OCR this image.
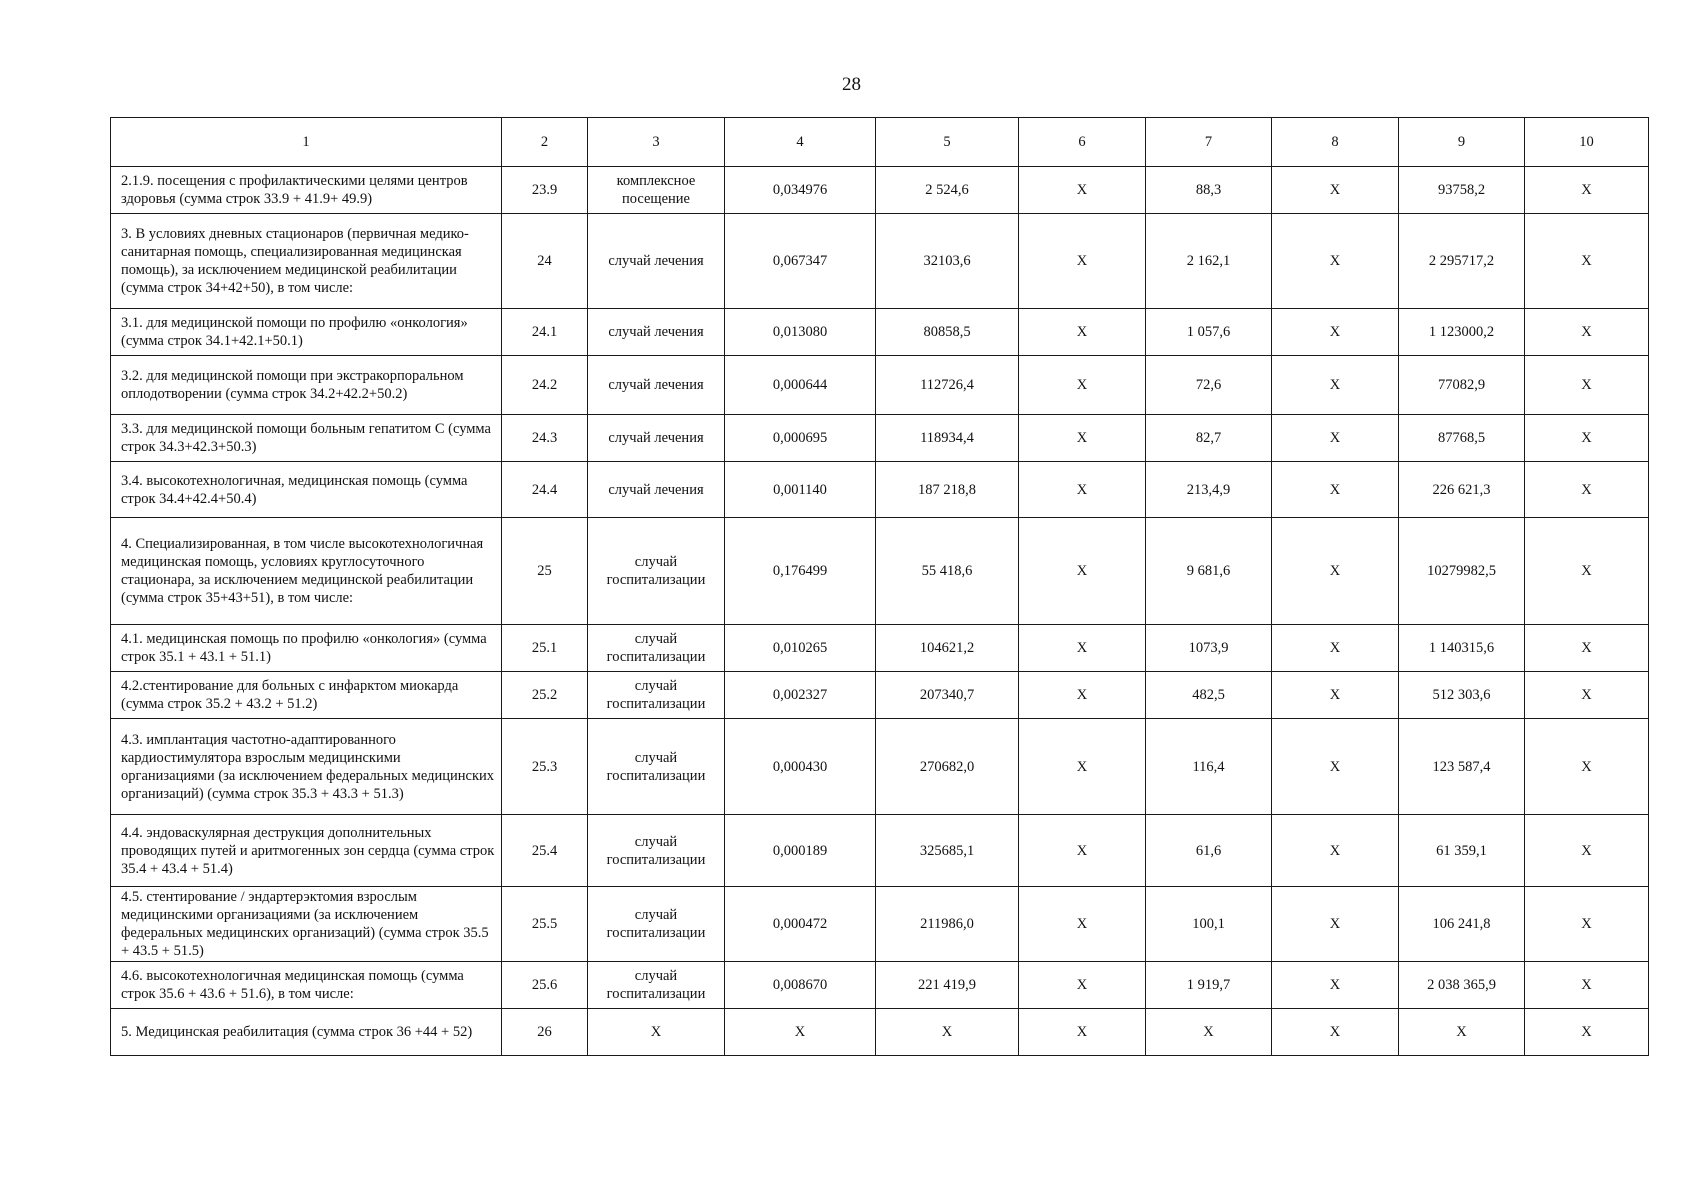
28
1	2	3	4	5	6	7	8	9	10
2.1.9. посещения с профилактическими целями центров здоровья (сумма строк 33.9 + 41.9+ 49.9)	23.9	комплексное посещение	0,034976	2 524,6	X	88,3	X	93758,2	X
3. В условиях дневных стационаров (первичная медико-санитарная помощь, специализированная медицинская помощь), за исключением медицинской реабилитации (сумма строк 34+42+50), в том числе:	24	случай лечения	0,067347	32103,6	X	2 162,1	X	2 295717,2	X
3.1. для медицинской помощи по профилю «онкология» (сумма строк 34.1+42.1+50.1)	24.1	случай лечения	0,013080	80858,5	X	1 057,6	X	1 123000,2	X
3.2. для медицинской помощи при экстракорпоральном оплодотворении (сумма строк 34.2+42.2+50.2)	24.2	случай лечения	0,000644	112726,4	X	72,6	X	77082,9	X
3.3. для медицинской помощи больным гепатитом С (сумма строк 34.3+42.3+50.3)	24.3	случай лечения	0,000695	118934,4	X	82,7	X	87768,5	X
3.4. высокотехнологичная, медицинская помощь (сумма строк 34.4+42.4+50.4)	24.4	случай лечения	0,001140	187 218,8	X	213,4,9	X	226 621,3	X
4. Специализированная, в том числе высокотехнологичная медицинская помощь, условиях круглосуточного стационара, за исключением медицинской реабилитации (сумма строк 35+43+51), в том числе:	25	случай госпитализации	0,176499	55 418,6	X	9 681,6	X	10279982,5	X
4.1. медицинская помощь по профилю «онкология» (сумма строк 35.1 + 43.1 + 51.1)	25.1	случай госпитализации	0,010265	104621,2	X	1073,9	X	1 140315,6	X
4.2.стентирование для больных с инфарктом миокарда (сумма строк 35.2 + 43.2 + 51.2)	25.2	случай госпитализации	0,002327	207340,7	X	482,5	X	512 303,6	X
4.3. имплантация частотно-адаптированного кардиостимулятора взрослым медицинскими организациями (за исключением федеральных медицинских организаций) (сумма строк 35.3 + 43.3 + 51.3)	25.3	случай госпитализации	0,000430	270682,0	X	116,4	X	123 587,4	X
4.4. эндоваскулярная деструкция дополнительных проводящих путей и аритмогенных зон сердца (сумма строк 35.4 + 43.4 + 51.4)	25.4	случай госпитализации	0,000189	325685,1	X	61,6	X	61 359,1	X
4.5. стентирование / эндартерэктомия взрослым медицинскими организациями (за исключением федеральных медицинских организаций) (сумма строк 35.5 + 43.5 + 51.5)	25.5	случай госпитализации	0,000472	211986,0	X	100,1	X	106 241,8	X
4.6. высокотехнологичная медицинская помощь (сумма строк 35.6 + 43.6 + 51.6), в том числе:	25.6	случай госпитализации	0,008670	221 419,9	X	1 919,7	X	2 038 365,9	X
5. Медицинская реабилитация (сумма строк 36 +44 + 52)	26	X	X	X	X	X	X	X	X
